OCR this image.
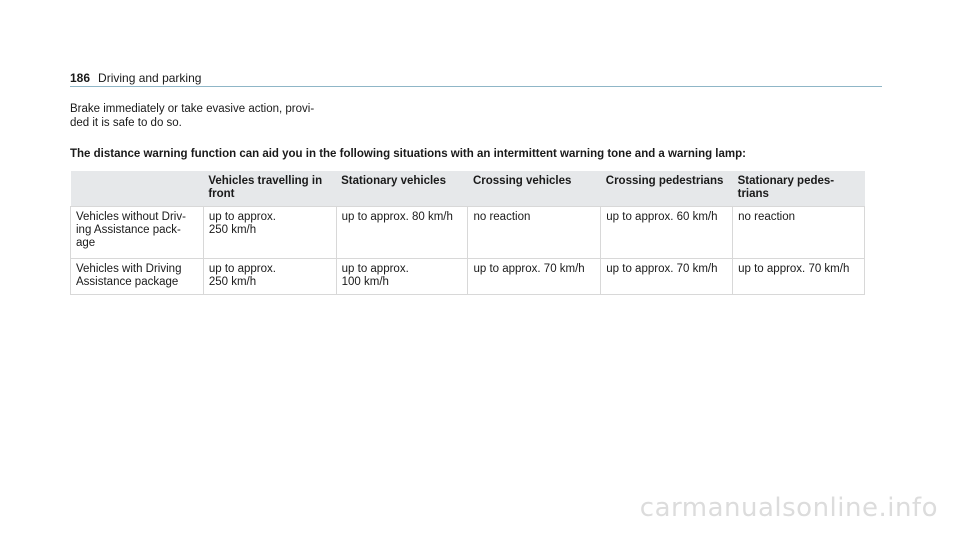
186 Driving and parking

Brake immediately or take evasive action, provi-
ded it is safe to do so.

The distance warning function can aid you in the following situations with an intermittent warning tone and a warning lamp:

	Vehicles travelling in
front	Stationary vehicles	Crossing vehicles	Crossing pedestrians	Stationary pedes-
trians
Vehicles without Driv-
ing Assistance pack-
age	up to approx.
250 km/h	up to approx. 80 km/h	no reaction	up to approx. 60 km/h	no reaction
Vehicles with Driving
Assistance package	up to approx.
250 km/h	up to approx.
100 km/h	up to approx. 70 km/h	up to approx. 70 km/h	up to approx. 70 km/h
carmanualsonline.info
